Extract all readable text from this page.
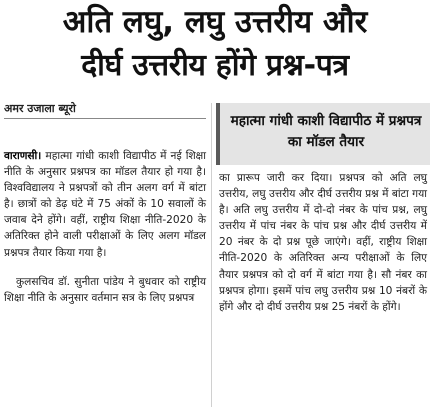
अति लघु, लघु उत्तरीय और
दीर्घ उत्तरीय होंगे प्रश्न-पत्र
अमर उजाला ब्यूरो

वाराणसी। महात्मा गांधी काशी विद्यापीठ में नई शिक्षा नीति के अनुसार प्रश्नपत्र का मॉडल तैयार हो गया है। विश्वविद्यालय ने प्रश्नपत्रों को तीन अलग वर्ग में बांटा है। छात्रों को डेढ़ घंटे में 75 अंकों के 10 सवालों के जवाब देने होंगे। वहीं, राष्ट्रीय शिक्षा नीति-2020 के अतिरिक्त होने वाली परीक्षाओं के लिए अलग मॉडल प्रश्नपत्र तैयार किया गया है।

कुलसचिव डॉ. सुनीता पांडेय ने बुधवार को राष्ट्रीय शिक्षा नीति के अनुसार वर्तमान सत्र के लिए प्रश्नपत्र

महात्मा गांधी काशी विद्यापीठ में प्रश्नपत्र का मॉडल तैयार
का प्रारूप जारी कर दिया। प्रश्नपत्र को अति लघु उत्तरीय, लघु उत्तरीय और दीर्घ उत्तरीय प्रश्न में बांटा गया है। अति लघु उत्तरीय में दो-दो नंबर के पांच प्रश्न, लघु उत्तरीय में पांच नंबर के पांच प्रश्न और दीर्घ उत्तरीय में 20 नंबर के दो प्रश्न पूछे जाएंगे। वहीं, राष्ट्रीय शिक्षा नीति-2020 के अतिरिक्त अन्य परीक्षाओं के लिए तैयार प्रश्नपत्र को दो वर्ग में बांटा गया है। सौ नंबर का प्रश्नपत्र होगा। इसमें पांच लघु उत्तरीय प्रश्न 10 नंबरों के होंगे और दो दीर्घ उत्तरीय प्रश्न 25 नंबरों के होंगे।
